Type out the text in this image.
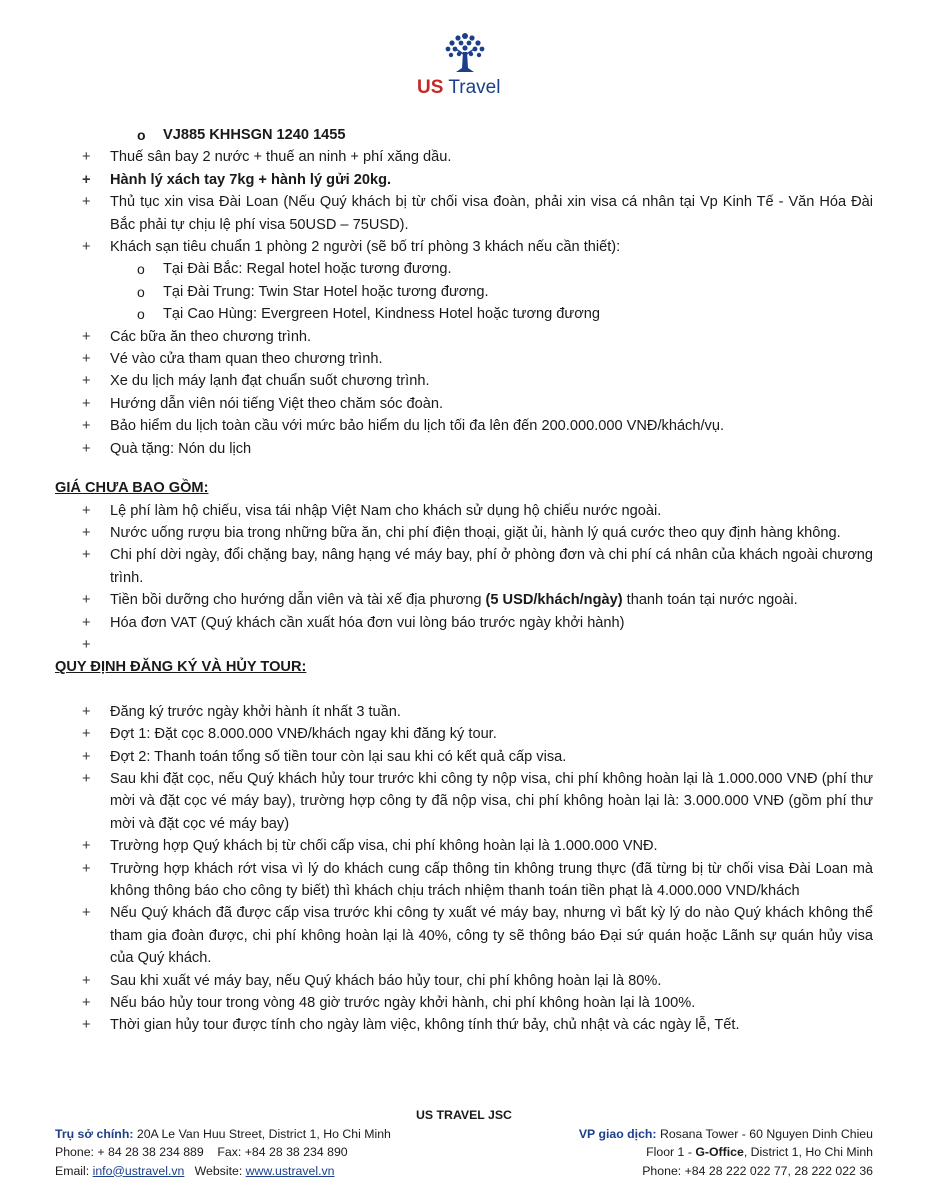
US Travel
o VJ885 KHHSGN 1240 1455
+ Thuế sân bay 2 nước + thuế an ninh + phí xăng dầu.
+ Hành lý xách tay 7kg + hành lý gửi 20kg.
+ Thủ tục xin visa Đài Loan (Nếu Quý khách bị từ chối visa đoàn, phải xin visa cá nhân tại Vp Kinh Tế - Văn Hóa Đài Bắc phải tự chịu lệ phí visa 50USD – 75USD).
+ Khách sạn tiêu chuẩn 1 phòng 2 người (sẽ bố trí phòng 3 khách nếu cần thiết):
o Tại Đài Bắc: Regal hotel hoặc tương đương.
o Tại Đài Trung: Twin Star Hotel hoặc tương đương.
o Tại Cao Hùng: Evergreen Hotel, Kindness Hotel hoặc tương đương
+ Các bữa ăn theo chương trình.
+ Vé vào cửa tham quan theo chương trình.
+ Xe du lịch máy lạnh đạt chuẩn suốt chương trình.
+ Hướng dẫn viên nói tiếng Việt theo chăm sóc đoàn.
+ Bảo hiểm du lịch toàn cầu với mức bảo hiểm du lịch tối đa lên đến 200.000.000 VNĐ/khách/vụ.
+ Quà tặng: Nón du lịch
GIÁ CHƯA BAO GỒM:
+ Lệ phí làm hộ chiếu, visa tái nhập Việt Nam cho khách sử dụng hộ chiếu nước ngoài.
+ Nước uống rượu bia trong những bữa ăn, chi phí điện thoại, giặt ủi, hành lý quá cước theo quy định hàng không.
+ Chi phí dời ngày, đổi chặng bay, nâng hạng vé máy bay, phí ở phòng đơn và chi phí cá nhân của khách ngoài chương trình.
+ Tiền bồi dưỡng cho hướng dẫn viên và tài xế địa phương (5 USD/khách/ngày) thanh toán tại nước ngoài.
+ Hóa đơn VAT (Quý khách cần xuất hóa đơn vui lòng báo trước ngày khởi hành)
+
QUY ĐỊNH ĐĂNG KÝ VÀ HỦY TOUR:
+ Đăng ký trước ngày khởi hành ít nhất 3 tuần.
+ Đợt 1: Đặt cọc 8.000.000 VNĐ/khách ngay khi đăng ký tour.
+ Đợt 2: Thanh toán tổng số tiền tour còn lại sau khi có kết quả cấp visa.
+ Sau khi đặt cọc, nếu Quý khách hủy tour trước khi công ty nộp visa, chi phí không hoàn lại là 1.000.000 VNĐ (phí thư mời và đặt cọc vé máy bay), trường hợp công ty đã nộp visa, chi phí không hoàn lại là: 3.000.000 VNĐ (gồm phí thư mời và đặt cọc vé máy bay)
+ Trường hợp Quý khách bị từ chối cấp visa, chi phí không hoàn lại là 1.000.000 VNĐ.
+ Trường hợp khách rớt visa vì lý do khách cung cấp thông tin không trung thực (đã từng bị từ chối visa Đài Loan mà không thông báo cho công ty biết) thì khách chịu trách nhiệm thanh toán tiền phạt là 4.000.000 VND/khách
+ Nếu Quý khách đã được cấp visa trước khi công ty xuất vé máy bay, nhưng vì bất kỳ lý do nào Quý khách không thể tham gia đoàn được, chi phí không hoàn lại là 40%, công ty sẽ thông báo Đại sứ quán hoặc Lãnh sự quán hủy visa của Quý khách.
+ Sau khi xuất vé máy bay, nếu Quý khách báo hủy tour, chi phí không hoàn lại là 80%.
+ Nếu báo hủy tour trong vòng 48 giờ trước ngày khởi hành, chi phí không hoàn lại là 100%.
+ Thời gian hủy tour được tính cho ngày làm việc, không tính thứ bảy, chủ nhật và các ngày lễ, Tết.
US TRAVEL JSC
Trụ sở chính: 20A Le Van Huu Street, District 1, Ho Chi Minh
Phone: + 84 28 38 234 889    Fax: +84 28 38 234 890
Email: info@ustravel.vn   Website: www.ustravel.vn
VP giao dịch: Rosana Tower - 60 Nguyen Dinh Chieu
Floor 1 - G-Office, District 1, Ho Chi Minh
Phone: +84 28 222 022 77, 28 222 022 36
